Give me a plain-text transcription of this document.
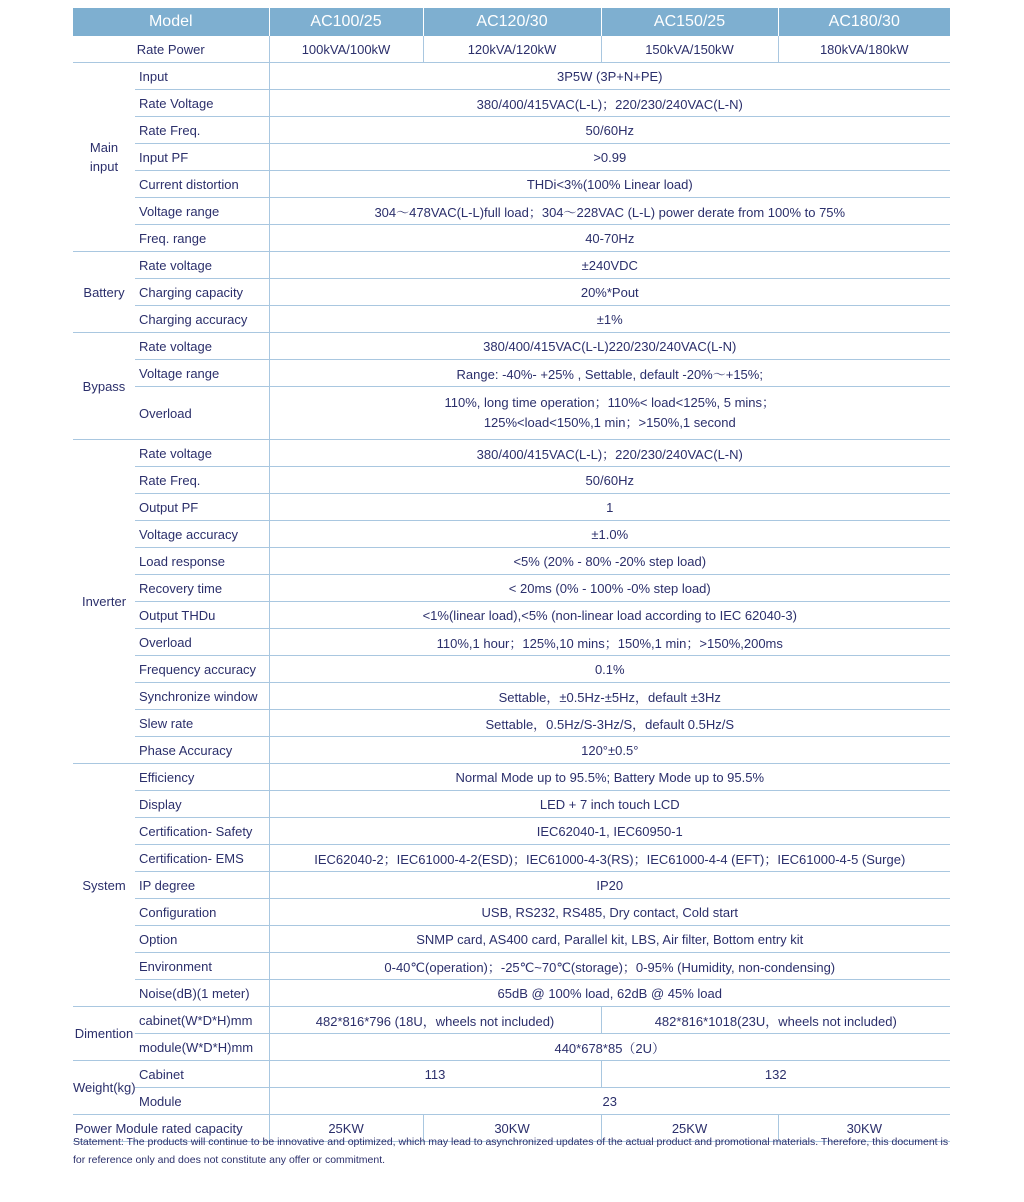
Model		AC100/25	AC120/30	AC150/25	AC180/30
Rate Power		100kVA/100kW	120kVA/120kW	150kVA/150kW	180kVA/180kW
Main input	Input	3P5W (3P+N+PE)			
	Rate Voltage	380/400/415VAC(L-L)；220/230/240VAC(L-N)			
	Rate Freq.	50/60Hz			
	Input PF	>0.99			
	Current distortion	THDi<3%(100% Linear load)			
	Voltage range	304～478VAC(L-L)full load；304～228VAC (L-L) power derate from 100% to 75%			
	Freq. range	40-70Hz			
Battery	Rate voltage	±240VDC			
	Charging capacity	20%*Pout			
	Charging accuracy	±1%			
Bypass	Rate voltage	380/400/415VAC(L-L)220/230/240VAC(L-N)			
	Voltage range	Range: -40%- +25% , Settable, default -20%～+15%;			
	Overload	110%, long time operation；110%< load<125%, 5 mins；
125%<load<150%,1 min；>150%,1 second			

Inverter	Rate voltage	380/400/415VAC(L-L)；220/230/240VAC(L-N)			
	Rate Freq.	50/60Hz			
	Output PF	1			
	Voltage accuracy	±1.0%			
	Load response	<5% (20% - 80% -20% step load)			
	Recovery time	< 20ms (0% - 100% -0% step load)			
	Output THDu	<1%(linear load),<5% (non-linear load according to IEC 62040-3)			
	Overload	110%,1 hour；125%,10 mins；150%,1 min；>150%,200ms			
	Frequency accuracy	0.1%			
	Synchronize window	Settable，±0.5Hz-±5Hz，default ±3Hz			
	Slew rate	Settable，0.5Hz/S-3Hz/S，default 0.5Hz/S			
	Phase Accuracy	120°±0.5°			
System	Efficiency	Normal Mode up to 95.5%; Battery Mode up to 95.5%			
	Display	LED + 7 inch touch LCD			
	Certification- Safety	IEC62040-1, IEC60950-1			
	Certification- EMS	IEC62040-2；IEC61000-4-2(ESD)；IEC61000-4-3(RS)；IEC61000-4-4 (EFT)；IEC61000-4-5 (Surge)			
	IP degree	IP20			
	Configuration	USB, RS232, RS485, Dry contact, Cold start			
	Option	SNMP card, AS400 card, Parallel kit, LBS, Air filter, Bottom entry kit			
	Environment	0-40℃(operation)；-25℃~70℃(storage)；0-95% (Humidity, non-condensing)			
	Noise(dB)(1 meter)	65dB @ 100% load, 62dB @ 45% load			
Dimention	cabinet(W*D*H)mm	482*816*796 (18U，wheels not included)		482*816*1018(23U，wheels not included)	
	module(W*D*H)mm	440*678*85（2U）			
Weight(kg)	Cabinet	113		132	
	Module	23			
Power Module rated capacity		25KW	30KW	25KW	30KW
Statement: The products will continue to be innovative and optimized, which may lead to asynchronized updates of the actual product and promotional materials. Therefore, this document is for reference only and does not constitute any offer or commitment.
